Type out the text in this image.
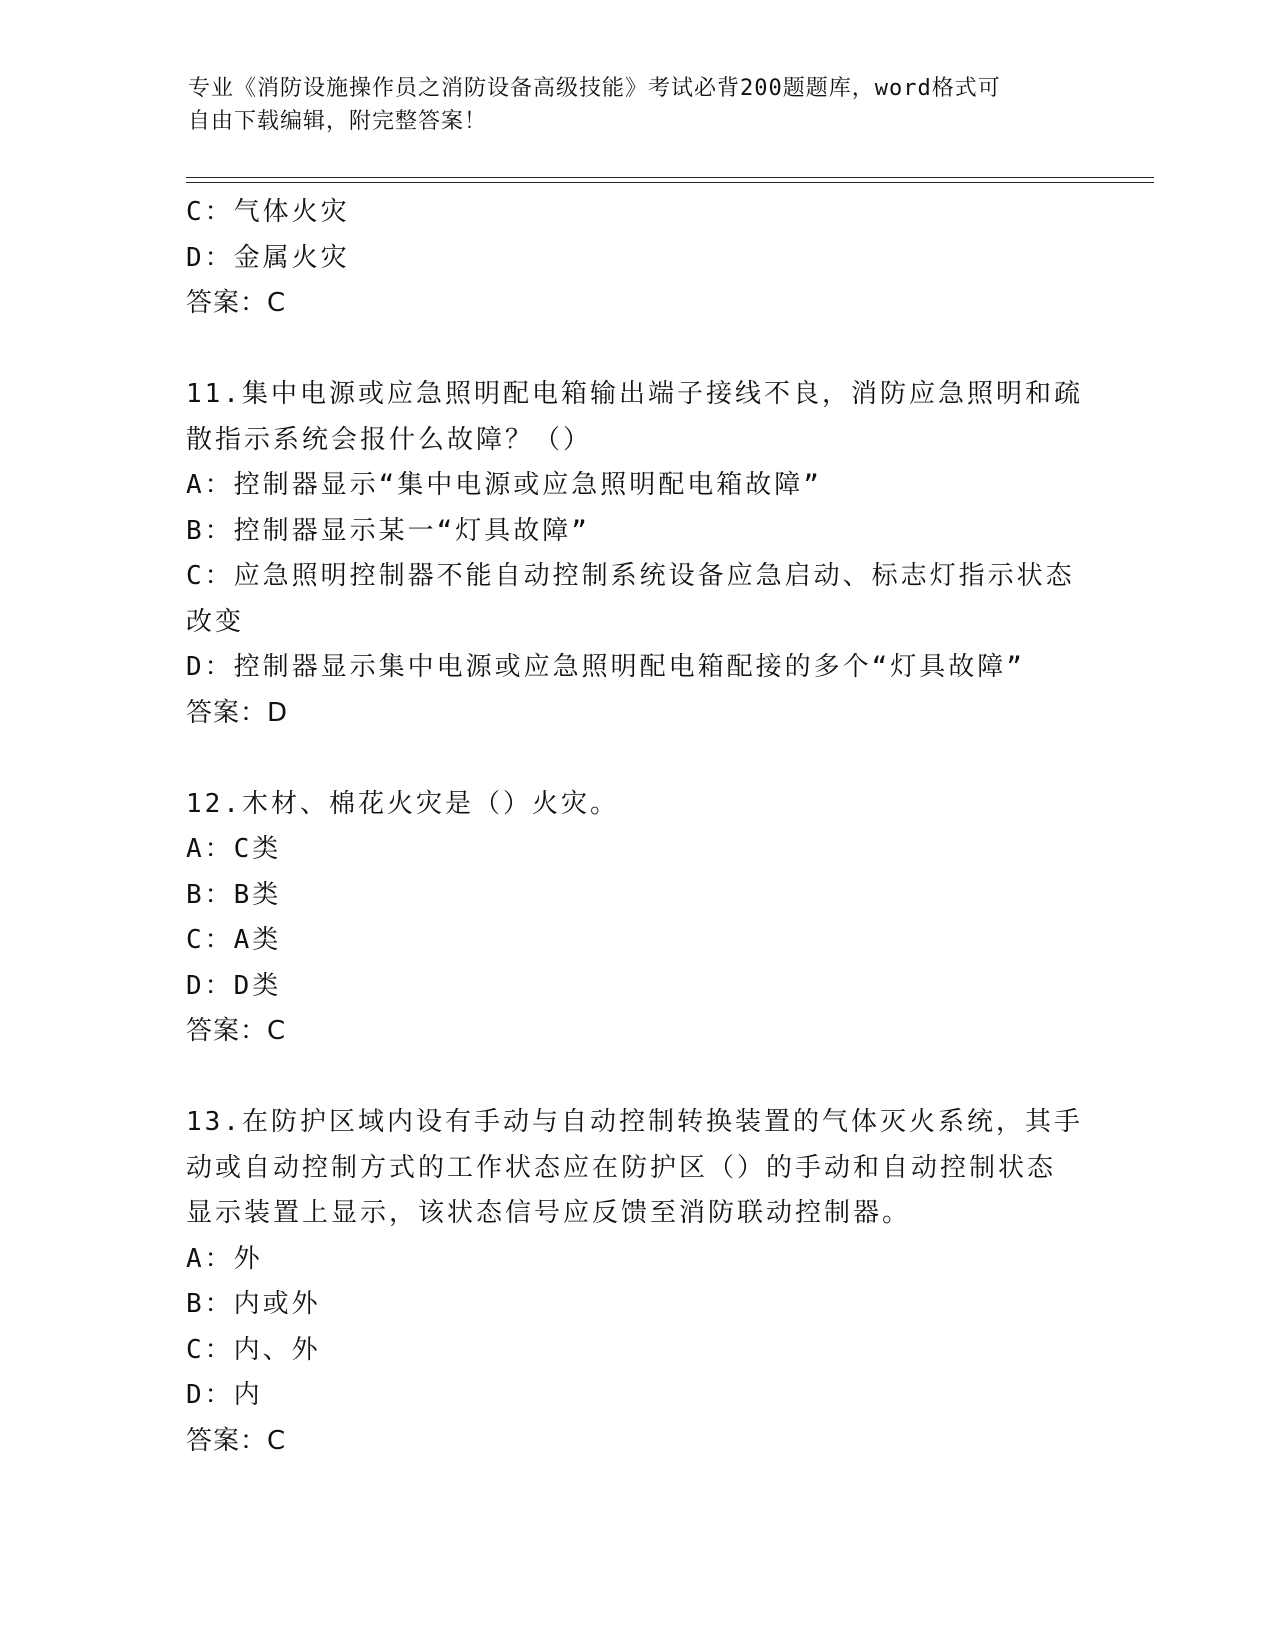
专业《消防设施操作员之消防设备高级技能》考试必背200题题库，word格式可
自由下载编辑，附完整答案！
C：气体火灾
D：金属火灾
答案：C
11.集中电源或应急照明配电箱输出端子接线不良，消防应急照明和疏
散指示系统会报什么故障？（）
A：控制器显示“集中电源或应急照明配电箱故障”
B：控制器显示某一“灯具故障”
C：应急照明控制器不能自动控制系统设备应急启动、标志灯指示状态
改变
D：控制器显示集中电源或应急照明配电箱配接的多个“灯具故障”
答案：D
12.木材、棉花火灾是（）火灾。
A：C类
B：B类
C：A类
D：D类
答案：C
13.在防护区域内设有手动与自动控制转换装置的气体灭火系统，其手
动或自动控制方式的工作状态应在防护区（）的手动和自动控制状态
显示装置上显示，该状态信号应反馈至消防联动控制器。
A：外
B：内或外
C：内、外
D：内
答案：C
